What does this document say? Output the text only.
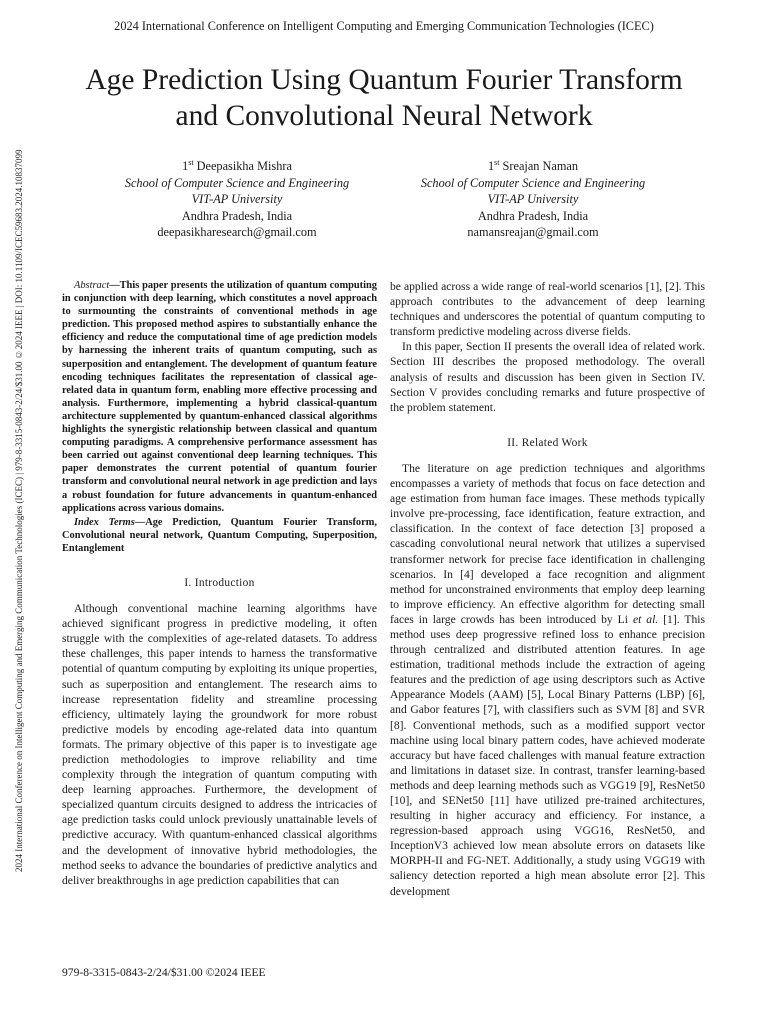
2024 International Conference on Intelligent Computing and Emerging Communication Technologies (ICEC)
2024 International Conference on Intelligent Computing and Emerging Communication Technologies (ICEC) | 979-8-3315-0843-2/24/$31.00 ©2024 IEEE | DOI: 10.1109/ICEC59683.2024.10837099
Age Prediction Using Quantum Fourier Transform
and Convolutional Neural Network
1st Deepasikha Mishra
School of Computer Science and Engineering
VIT-AP University
Andhra Pradesh, India
deepasikharesearch@gmail.com
1st Sreajan Naman
School of Computer Science and Engineering
VIT-AP University
Andhra Pradesh, India
namansreajan@gmail.com

Abstract—This paper presents the utilization of quantum computing in conjunction with deep learning, which constitutes a novel approach to surmounting the constraints of conventional methods in age prediction. This proposed method aspires to substantially enhance the efficiency and reduce the computational time of age prediction models by harnessing the inherent traits of quantum computing, such as superposition and entanglement. The development of quantum feature encoding techniques facilitates the representation of classical age-related data in quantum form, enabling more effective processing and analysis. Furthermore, implementing a hybrid classical-quantum architecture supplemented by quantum-enhanced classical algorithms highlights the synergistic relationship between classical and quantum computing paradigms. A comprehensive performance assessment has been carried out against conventional deep learning techniques. This paper demonstrates the current potential of quantum fourier transform and convolutional neural network in age prediction and lays a robust foundation for future advancements in quantum-enhanced applications across various domains.

Index Terms—Age Prediction, Quantum Fourier Transform, Convolutional neural network, Quantum Computing, Superposition, Entanglement

I. Introduction

Although conventional machine learning algorithms have achieved significant progress in predictive modeling, it often struggle with the complexities of age-related datasets. To address these challenges, this paper intends to harness the transformative potential of quantum computing by exploiting its unique properties, such as superposition and entanglement. The research aims to increase representation fidelity and streamline processing efficiency, ultimately laying the groundwork for more robust predictive models by encoding age-related data into quantum formats. The primary objective of this paper is to investigate age prediction methodologies to improve reliability and time complexity through the integration of quantum computing with deep learning approaches. Furthermore, the development of specialized quantum circuits designed to address the intricacies of age prediction tasks could unlock previously unattainable levels of predictive accuracy. With quantum-enhanced classical algorithms and the development of innovative hybrid methodologies, the method seeks to advance the boundaries of predictive analytics and deliver breakthroughs in age prediction capabilities that can

be applied across a wide range of real-world scenarios [1], [2]. This approach contributes to the advancement of deep learning techniques and underscores the potential of quantum computing to transform predictive modeling across diverse fields.

In this paper, Section II presents the overall idea of related work. Section III describes the proposed methodology. The overall analysis of results and discussion has been given in Section IV. Section V provides concluding remarks and future prospective of the problem statement.

II. Related Work

The literature on age prediction techniques and algorithms encompasses a variety of methods that focus on face detection and age estimation from human face images. These methods typically involve pre-processing, face identification, feature extraction, and classification. In the context of face detection [3] proposed a cascading convolutional neural network that utilizes a supervised transformer network for precise face identification in challenging scenarios. In [4] developed a face recognition and alignment method for unconstrained environments that employ deep learning to improve efficiency. An effective algorithm for detecting small faces in large crowds has been introduced by Li et al. [1]. This method uses deep progressive refined loss to enhance precision through centralized and distributed attention features. In age estimation, traditional methods include the extraction of ageing features and the prediction of age using descriptors such as Active Appearance Models (AAM) [5], Local Binary Patterns (LBP) [6], and Gabor features [7], with classifiers such as SVM [8] and SVR [8]. Conventional methods, such as a modified support vector machine using local binary pattern codes, have achieved moderate accuracy but have faced challenges with manual feature extraction and limitations in dataset size. In contrast, transfer learning-based methods and deep learning methods such as VGG19 [9], ResNet50 [10], and SENet50 [11] have utilized pre-trained architectures, resulting in higher accuracy and efficiency. For instance, a regression-based approach using VGG16, ResNet50, and InceptionV3 achieved low mean absolute errors on datasets like MORPH-II and FG-NET. Additionally, a study using VGG19 with saliency detection reported a high mean absolute error [2]. This development

979-8-3315-0843-2/24/$31.00 ©2024 IEEE
